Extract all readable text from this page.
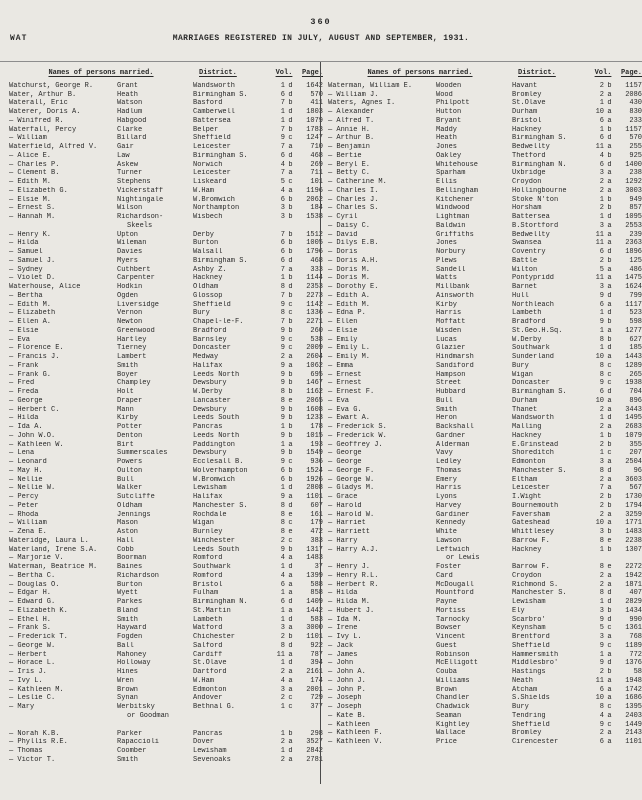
360
WAT	MARRIAGES REGISTERED IN JULY, AUGUST AND SEPTEMBER, 1931.
Names of persons married.	District.	Vol.	Page.
Watchurst, George R.	Grant	Wandsworth	1 d	1642
Water, Arthur B.	Heath	Birmingham S.	6 d	570
Waterall, Eric	Watson	Basford	7 b	411
Waterer, Doris A.	Hadlum	Camberwell	1 d	1803
— Winifred R.	Habgood	Battersea	1 d	1079
Waterfall, Percy	Clarke	Belper	7 b	1783
— William	Billard	Sheffield	9 c	1247
Waterfield, Alfred V.	Gair	Leicester	7 a	710
— Alice E.	Law	Birmingham S.	6 d	468
— Charles P.	Askew	Norwich	4 b	269
— Clement B.	Turner	Leicester	7 a	711
— Edith M.	Stephens	Liskeard	5 c	101
— Elizabeth G.	Vickerstaff	W.Ham	4 a	1196
— Elsie M.	Nightingale	W.Bromwich	6 b	2062
— Ernest S.	Wilson	Northampton	3 b	184
— Hannah M.	Richardson-
Skeels
Wisbech	3 b	1538
— Henry K.	Upton	Derby	7 b	1512
— Hilda	Wileman	Burton	6 b	1005
— Samuel	Davies	Walsall	6 b	1796
— Samuel J.	Myers	Birmingham S.	6 d	468
— Sydney	Cuthbert	Ashby Z.	7 a	333
— Violet D.	Carpenter	Hackney	1 b	1144
Waterhouse, Alice	Hodkin	Oldham	8 d	2353
— Bertha	Ogden	Glossop	7 b	2273
— Edith M.	Liversidge	Sheffield	9 c	1142
— Elizabeth	Vernon	Bury	8 c	1336
— Ellen A.	Newton	Chapel-le-F.	7 b	2271
— Elsie	Greenwood	Bradford	9 b	260
— Eva	Hartley	Barnsley	9 c	538
— Florence E.	Tierney	Doncaster	9 c	2009
— Francis J.	Lambert	Medway	2 a	2604
— Frank	Smith	Halifax	9 a	1062
— Frank G.	Boyer	Leeds North	9 b	695
— Fred	Champley	Dewsbury	9 b	1467
— Freda	Holt	W.Derby	8 b	1162
— George	Draper	Lancaster	8 e	2065
— Herbert C.	Mann	Dewsbury	9 b	1608
— Hilda	Kirby	Leeds South	9 b	1233
— Ida A.	Potter	Pancras	1 b	178
— John W.O.	Denton	Leeds North	9 b	1015
— Kathleen W.	Birt	Paddington	1 a	193
— Lena	Summerscales	Dewsbury	9 b	1549
— Leonard	Powers	Ecclesall B.	9 c	936
— May H.	Oulton	Wolverhampton	6 b	1524
— Nellie	Bull	W.Bromwich	6 b	1926
— Nellie W.	Walker	Lewisham	1 d	2808
— Percy	Sutcliffe	Halifax	9 a	1101
— Peter	Oldham	Manchester S.	8 d	607
— Rhoda	Jennings	Rochdale	8 e	161
— William	Mason	Wigan	8 c	179
— Zena E.	Aston	Burnley	8 e	472
Wateridge, Laura L.	Hall	Winchester	2 c	383
Waterland, Irene S.A.	Cobb	Leeds South	9 b	1317
— Marjorie V.	Boorman	Romford	4 a	1483
Waterman, Beatrice M.	Baines	Southwark	1 d	37
— Bertha C.	Richardson	Romford	4 a	1399
— Douglas O.	Burton	Bristol	6 a	588
— Edgar H.	Wyett	Fulham	1 a	858
— Edward G.	Parkes	Birmingham N.	6 d	1409
— Elizabeth K.	Bland	St.Martin	1 a	1442
— Ethel H.	Smith	Lambeth	1 d	583
— Frank S.	Hayward	Watford	3 a	3000
— Frederick T.	Fogden	Chichester	2 b	1101
— George W.	Ball	Salford	8 d	922
— Herbert	Mahoney	Cardiff	11 a	787
— Horace L.	Holloway	St.Olave	1 d	394
— Iris J.	Hines	Dartford	2 a	2161
— Ivy L.	Wren	W.Ham	4 a	174
— Kathleen M.	Brown	Edmonton	3 a	2001
— Leslie C.	Synan	Andover	2 c	729
— Mary	Werbitsky
or Goodman
Bethnal G.	1 c	377
— Norah K.B.	Parker	Pancras	1 b	298
— Phyllis R.E.	Rapaccioli	Dover	2 a	3527
— Thomas	Coomber	Lewisham	1 d	2842
— Victor T.	Smith	Sevenoaks	2 a	2781
Names of persons married.	District.	Vol.	Page.
Waterman, William E.	Wooden	Havant	2 b	1157
— William J.	Wood	Bromley	2 a	2086
Waters, Agnes I.	Philpott	St.Olave	1 d	430
— Alexander	Hutton	Durham	10 a	830
— Alfred T.	Bryant	Bristol	6 a	233
— Annie H.	Maddy	Hackney	1 b	1157
— Arthur B.	Heath	Birmingham S.	6 d	570
— Benjamin	Jones	Bedwellty	11 a	255
— Bertie	Oakley	Thetford	4 b	925
— Beryl E.	Whitehouse	Birmingham N.	6 d	1400
— Betty C.	Sparham	Uxbridge	3 a	238
— Catherine M.	Ellis	Croydon	2 a	1292
— Charles I.	Bellingham	Hollingbourne	2 a	3003
— Charles J.	Kitchener	Stoke N'ton	1 b	949
— Charles S.	Windwood	Horsham	2 b	857
— Cyril	Lightman	Battersea	1 d	1095
— Daisy C.	Baldwin	B.Stortford	3 a	2553
— David	Griffiths	Bedwellty	11 a	239
— Dilys E.B.	Jones	Swansea	11 a	2363
— Doris	Norbury	Coventry	6 d	1896
— Doris A.H.	Plews	Battle	2 b	125
— Doris M.	Sandell	Wilton	5 a	486
— Doris M.	Watts	Pontypridd	11 a	1475
— Dorothy E.	Millbank	Barnet	3 a	1624
— Edith A.	Ainsworth	Hull	9 d	799
— Edith M.	Kirby	Northleach	6 a	1117
— Edna P.	Harris	Lambeth	1 d	523
— Ellen	Moffatt	Bradford	9 b	598
— Elsie	Wisden	St.Geo.H.Sq.	1 a	1277
— Emily	Lucas	W.Derby	8 b	627
— Emily L.	Glazier	Southwark	1 d	185
— Emily M.	Hindmarsh	Sunderland	10 a	1443
— Emma	Sandiford	Bury	8 c	1289
— Ernest	Hampson	Wigan	8 c	265
— Ernest	Street	Doncaster	9 c	1938
— Ernest F.	Hubbard	Birmingham S.	6 d	704
— Eva	Bull	Durham	10 a	896
— Eva G.	Smith	Thanet	2 a	3443
— Ewart A.	Heron	Wandsworth	1 d	1495
— Frederick S.	Backshall	Malling	2 a	2683
— Frederick W.	Gardner	Hackney	1 b	1079
— Geoffrey J.	Alderman	E.Grinstead	2 b	355
— George	Vavy	Shoreditch	1 c	207
— George	Ledley	Edmonton	3 a	2504
— George F.	Thomas	Manchester S.	8 d	96
— George W.	Emery	Eltham	2 a	3603
— Gladys M.	Harris	Leicester	7 a	567
— Grace	Lyons	I.Wight	2 b	1730
— Harold	Harvey	Bournemouth	2 b	1794
— Harold W.	Gardiner	Faversham	2 a	3259
— Harriet	Kennedy	Gateshead	10 a	1771
— Harriett	White	Whittlesey	3 b	1483
— Harry	Lawson	Barrow F.	8 e	2238
— Harry A.J.	Leftwich
or Lewis
Hackney	1 b	1307
— Henry J.	Foster	Barrow F.	8 e	2272
— Henry R.L.	Card	Croydon	2 a	1942
— Herbert R.	McDougall	Richmond S.	2 a	1871
— Hilda	Mountford	Manchester S.	8 d	407
— Hilda M.	Payne	Lewisham	1 d	2829
— Hubert J.	Mortiss	Ely	3 b	1434
— Ida M.	Tarnocky	Scarbro'	9 d	990
— Irene	Bowser	Keynsham	5 c	1361
— Ivy L.	Vincent	Brentford	3 a	768
— Jack	Guest	Sheffield	9 c	1189
— James	Robinson	Hammersmith	1 a	772
— John	McElligott	Middlesbro'	9 d	1376
— John A.	Couba	Hastings	2 b	58
— John J.	Williams	Neath	11 a	1948
— John P.	Brown	Atcham	6 a	1742
— Joseph	Chandler	S.Shields	10 a	1686
— Joseph	Chadwick	Bury	8 c	1395
— Kate B.	Seaman	Tendring	4 a	2403
— Kathleen	Kightley	Sheffield	9 c	1449
— Kathleen F.	Wallace	Bromley	2 a	2143
— Kathleen V.	Price	Cirencester	6 a	1101
